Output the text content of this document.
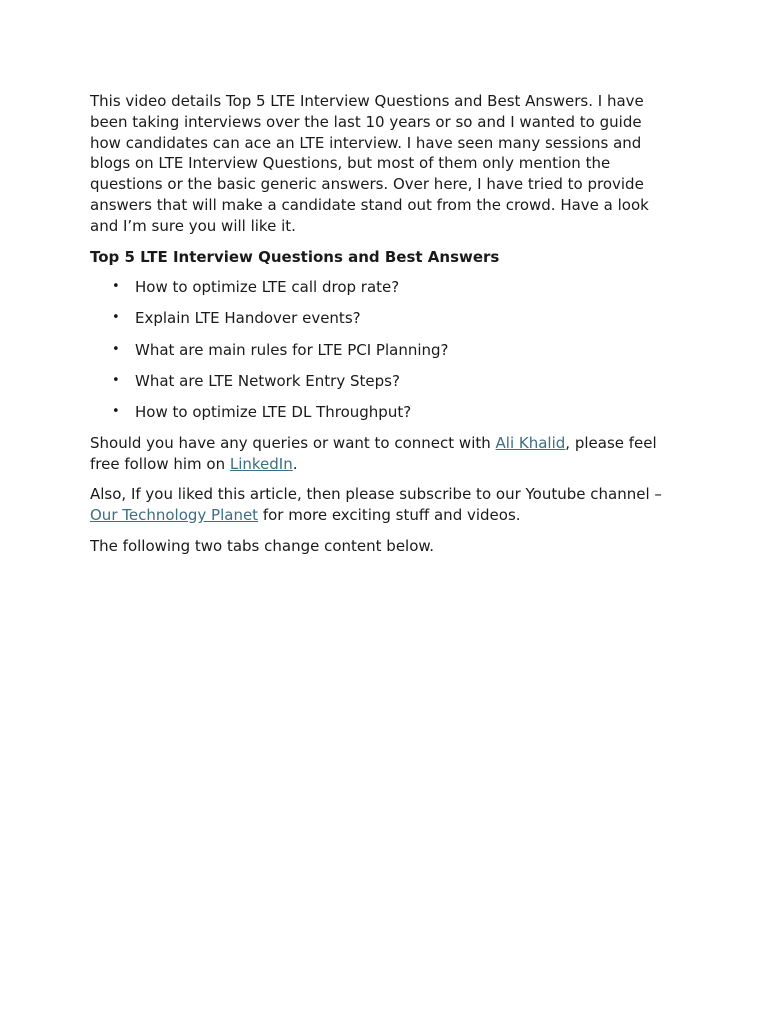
This video details Top 5 LTE Interview Questions and Best Answers. I have been taking interviews over the last 10 years or so and I wanted to guide how candidates can ace an LTE interview. I have seen many sessions and blogs on LTE Interview Questions, but most of them only mention the questions or the basic generic answers. Over here, I have tried to provide answers that will make a candidate stand out from the crowd. Have a look and I’m sure you will like it.

Top 5 LTE Interview Questions and Best Answers

• How to optimize LTE call drop rate?
• Explain LTE Handover events?
• What are main rules for LTE PCI Planning?
• What are LTE Network Entry Steps?
• How to optimize LTE DL Throughput?

Should you have any queries or want to connect with Ali Khalid, please feel free follow him on LinkedIn.

Also, If you liked this article, then please subscribe to our Youtube channel – Our Technology Planet for more exciting stuff and videos.

The following two tabs change content below.
